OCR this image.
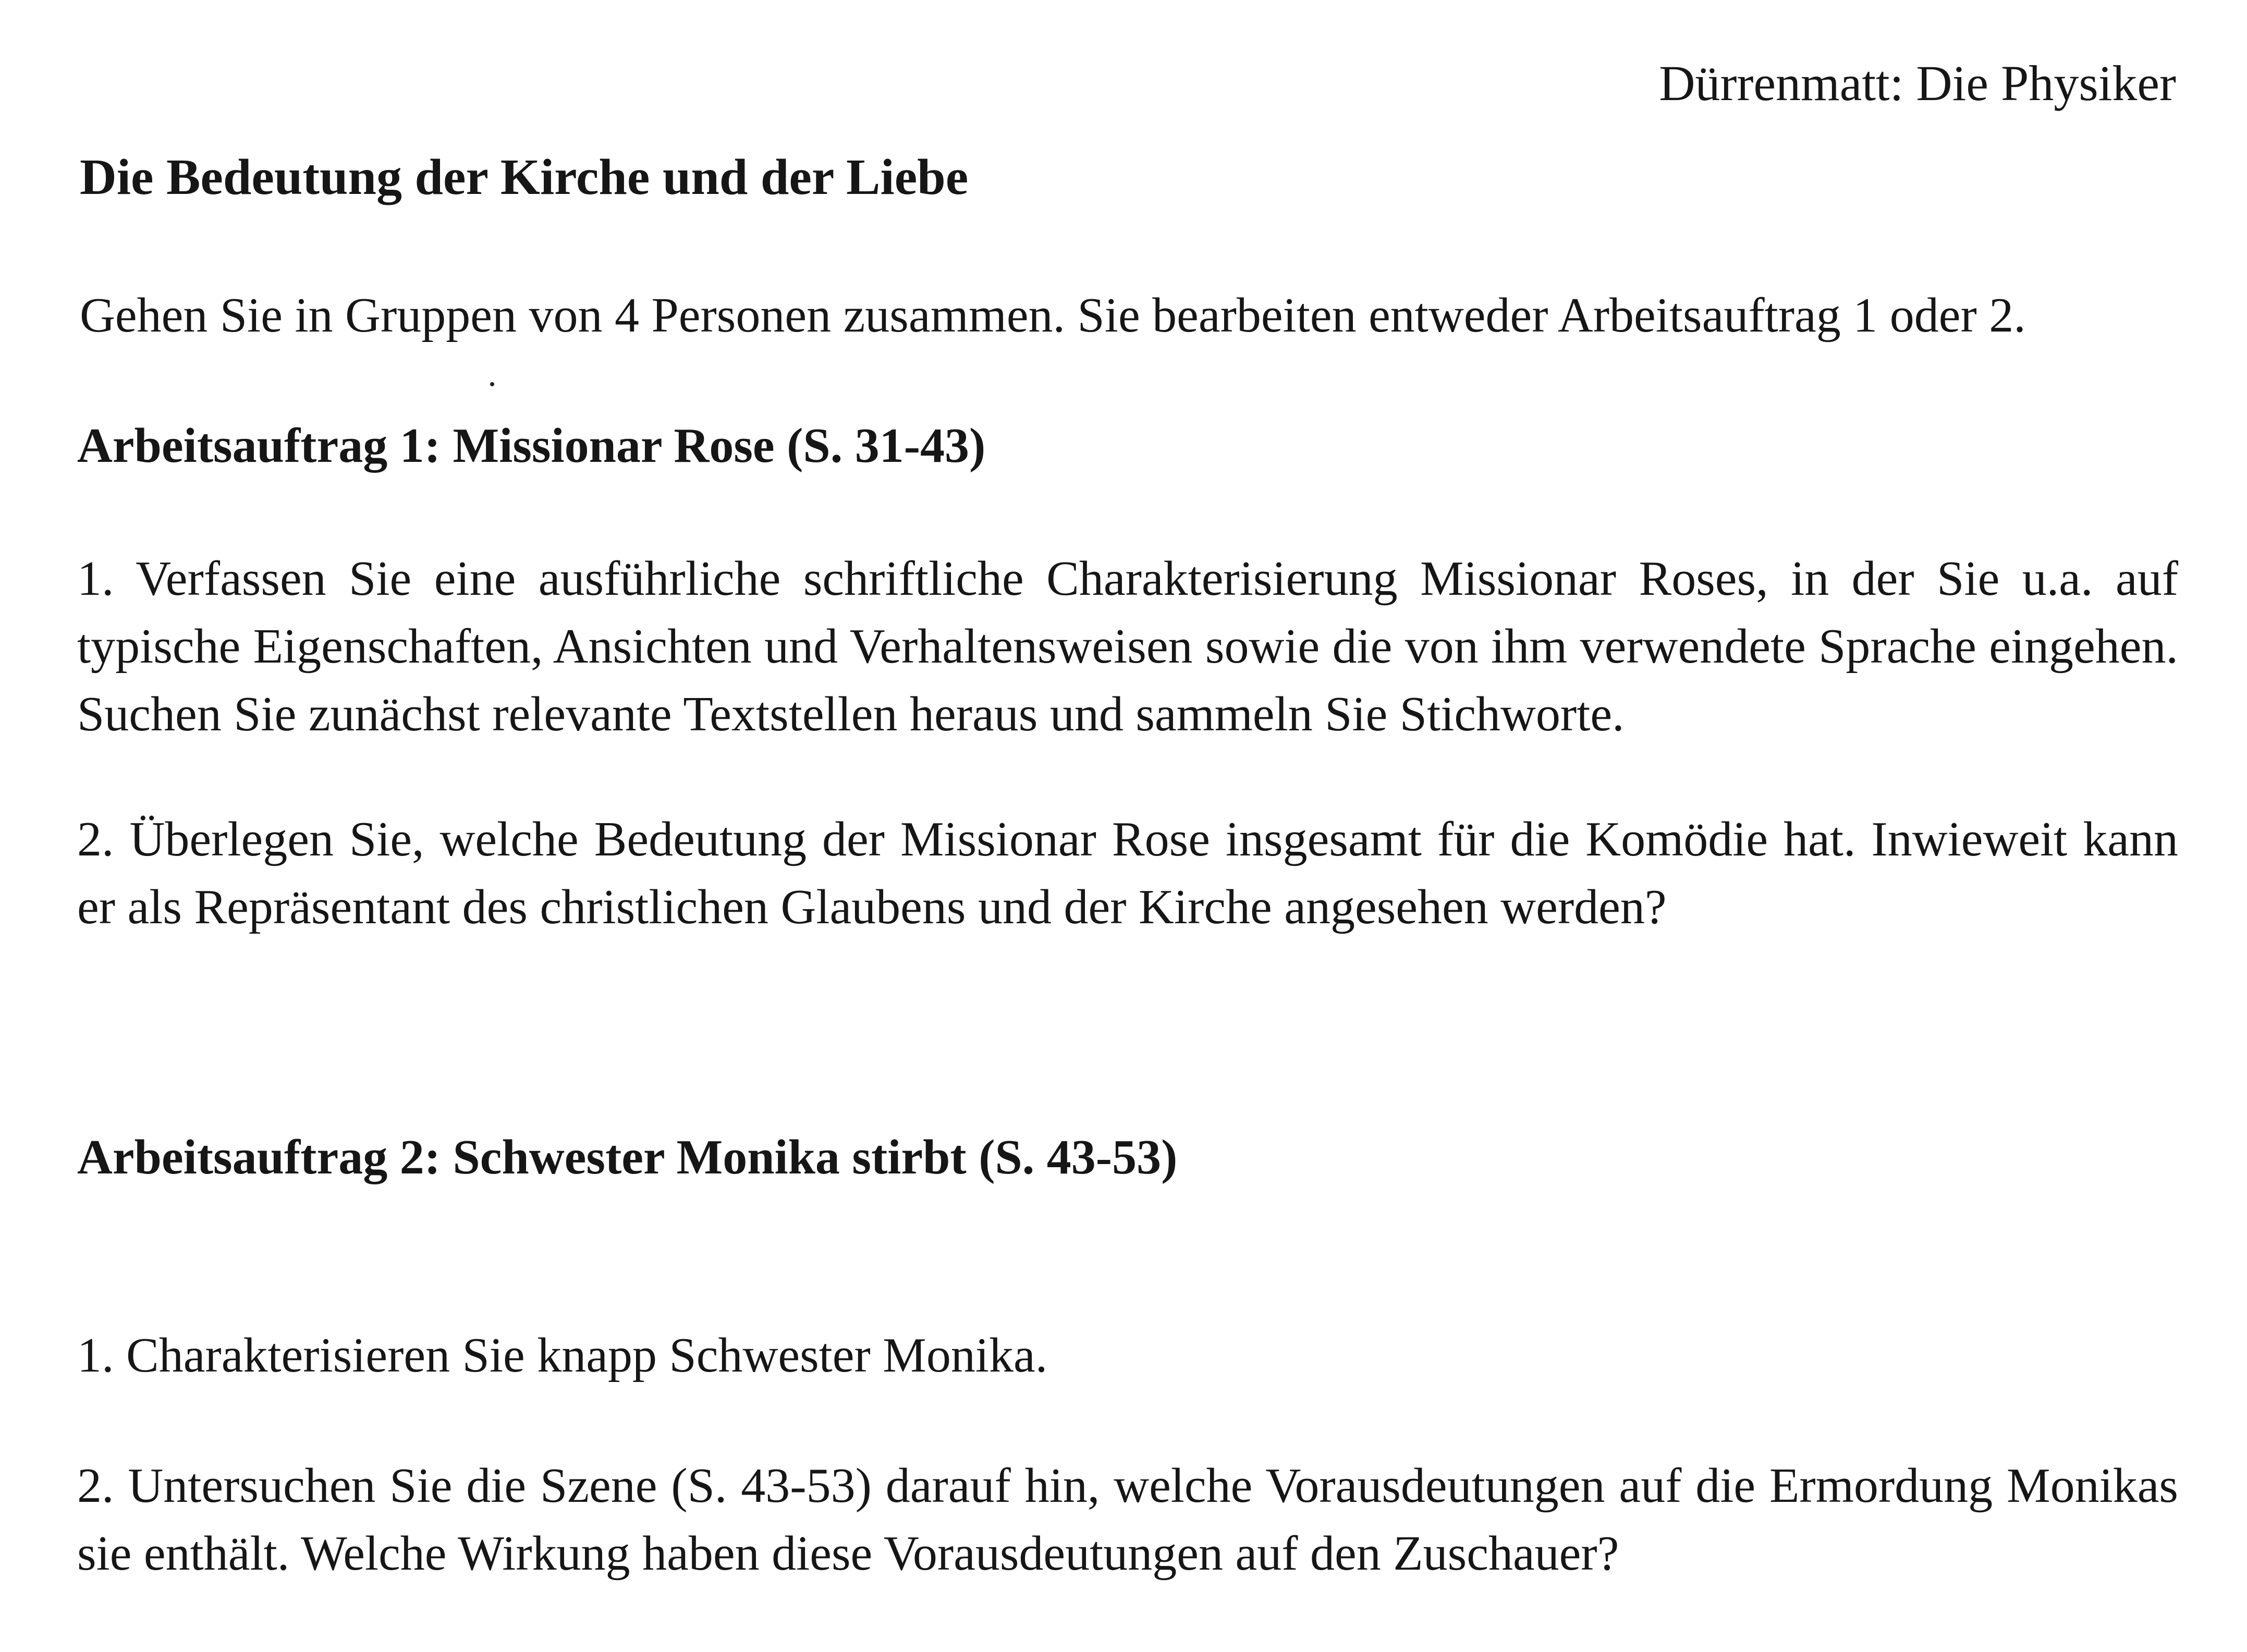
Dürrenmatt: Die Physiker
Die Bedeutung der Kirche und der Liebe
Gehen Sie in Gruppen von 4 Personen zusammen. Sie bearbeiten entweder Arbeitsauftrag 1 oder 2.
Arbeitsauftrag 1: Missionar Rose (S. 31-43)
1. Verfassen Sie eine ausführliche schriftliche Charakterisierung Missionar Roses, in der Sie u.a. auf typische Eigenschaften, Ansichten und Verhaltensweisen sowie die von ihm verwendete Sprache eingehen. Suchen Sie zunächst relevante Textstellen heraus und sammeln Sie Stichworte.
2. Überlegen Sie, welche Bedeutung der Missionar Rose insgesamt für die Komödie hat. Inwieweit kann er als Repräsentant des christlichen Glaubens und der Kirche angesehen werden?
Arbeitsauftrag 2: Schwester Monika stirbt (S. 43-53)
1. Charakterisieren Sie knapp Schwester Monika.
2. Untersuchen Sie die Szene (S. 43-53) darauf hin, welche Vorausdeutungen auf die Ermordung Monikas sie enthält. Welche Wirkung haben diese Vorausdeutungen auf den Zuschauer?
